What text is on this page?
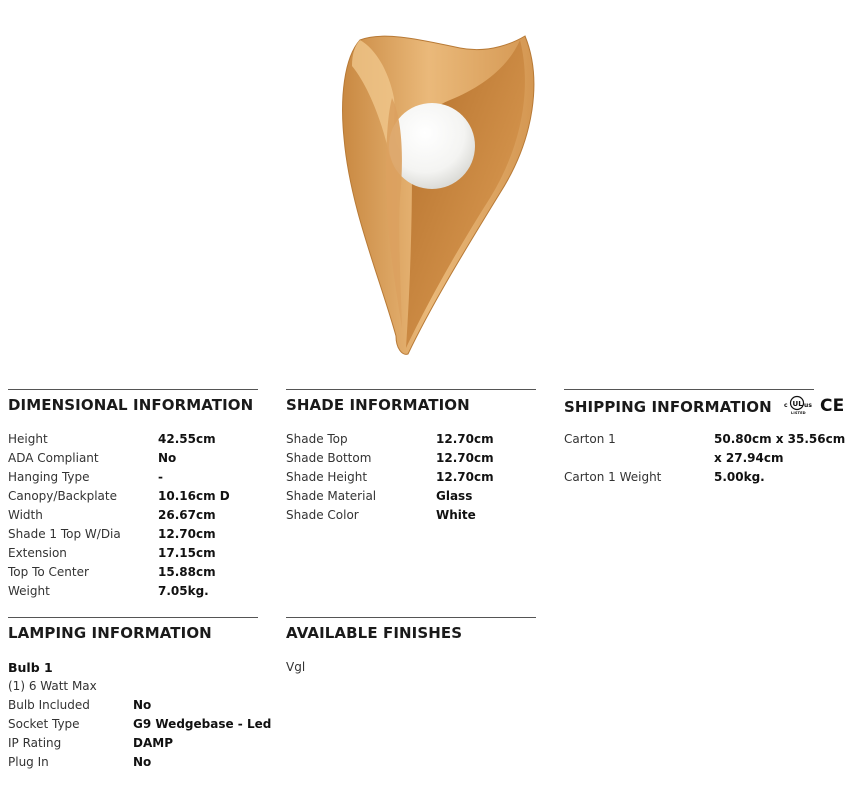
DIMENSIONAL INFORMATION
Height	42.55cm
ADA Compliant	No
Hanging Type	-
Canopy/Backplate	10.16cm D
Width	26.67cm
Shade 1 Top W/Dia	12.70cm
Extension	17.15cm
Top To Center	15.88cm
Weight	7.05kg.
SHADE INFORMATION
Shade Top	12.70cm
Shade Bottom	12.70cm
Shade Height	12.70cm
Shade Material	Glass
Shade Color	White
SHIPPING INFORMATION c UL us
LISTED
CE
Carton 1	50.80cm x 35.56cm
x 27.94cm
Carton 1 Weight	5.00kg.
LAMPING INFORMATION
Bulb 1
(1) 6 Watt Max
Bulb Included	No
Socket Type	G9 Wedgebase - Led
IP Rating	DAMP
Plug In	No
AVAILABLE FINISHES
Vgl
